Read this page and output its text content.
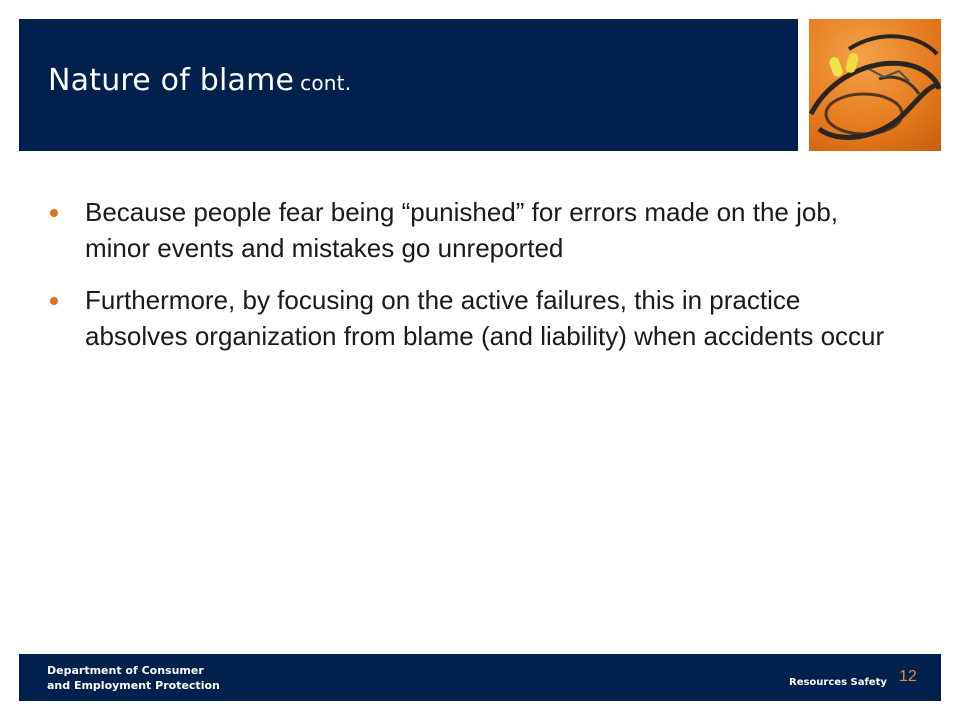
Nature of blame cont.
Because people fear being “punished” for errors made on the job, minor events and mistakes go unreported
Furthermore, by focusing on the active failures, this in practice absolves organization from blame (and liability) when accidents occur
Department of Consumer
and Employment Protection	Resources Safety 12
